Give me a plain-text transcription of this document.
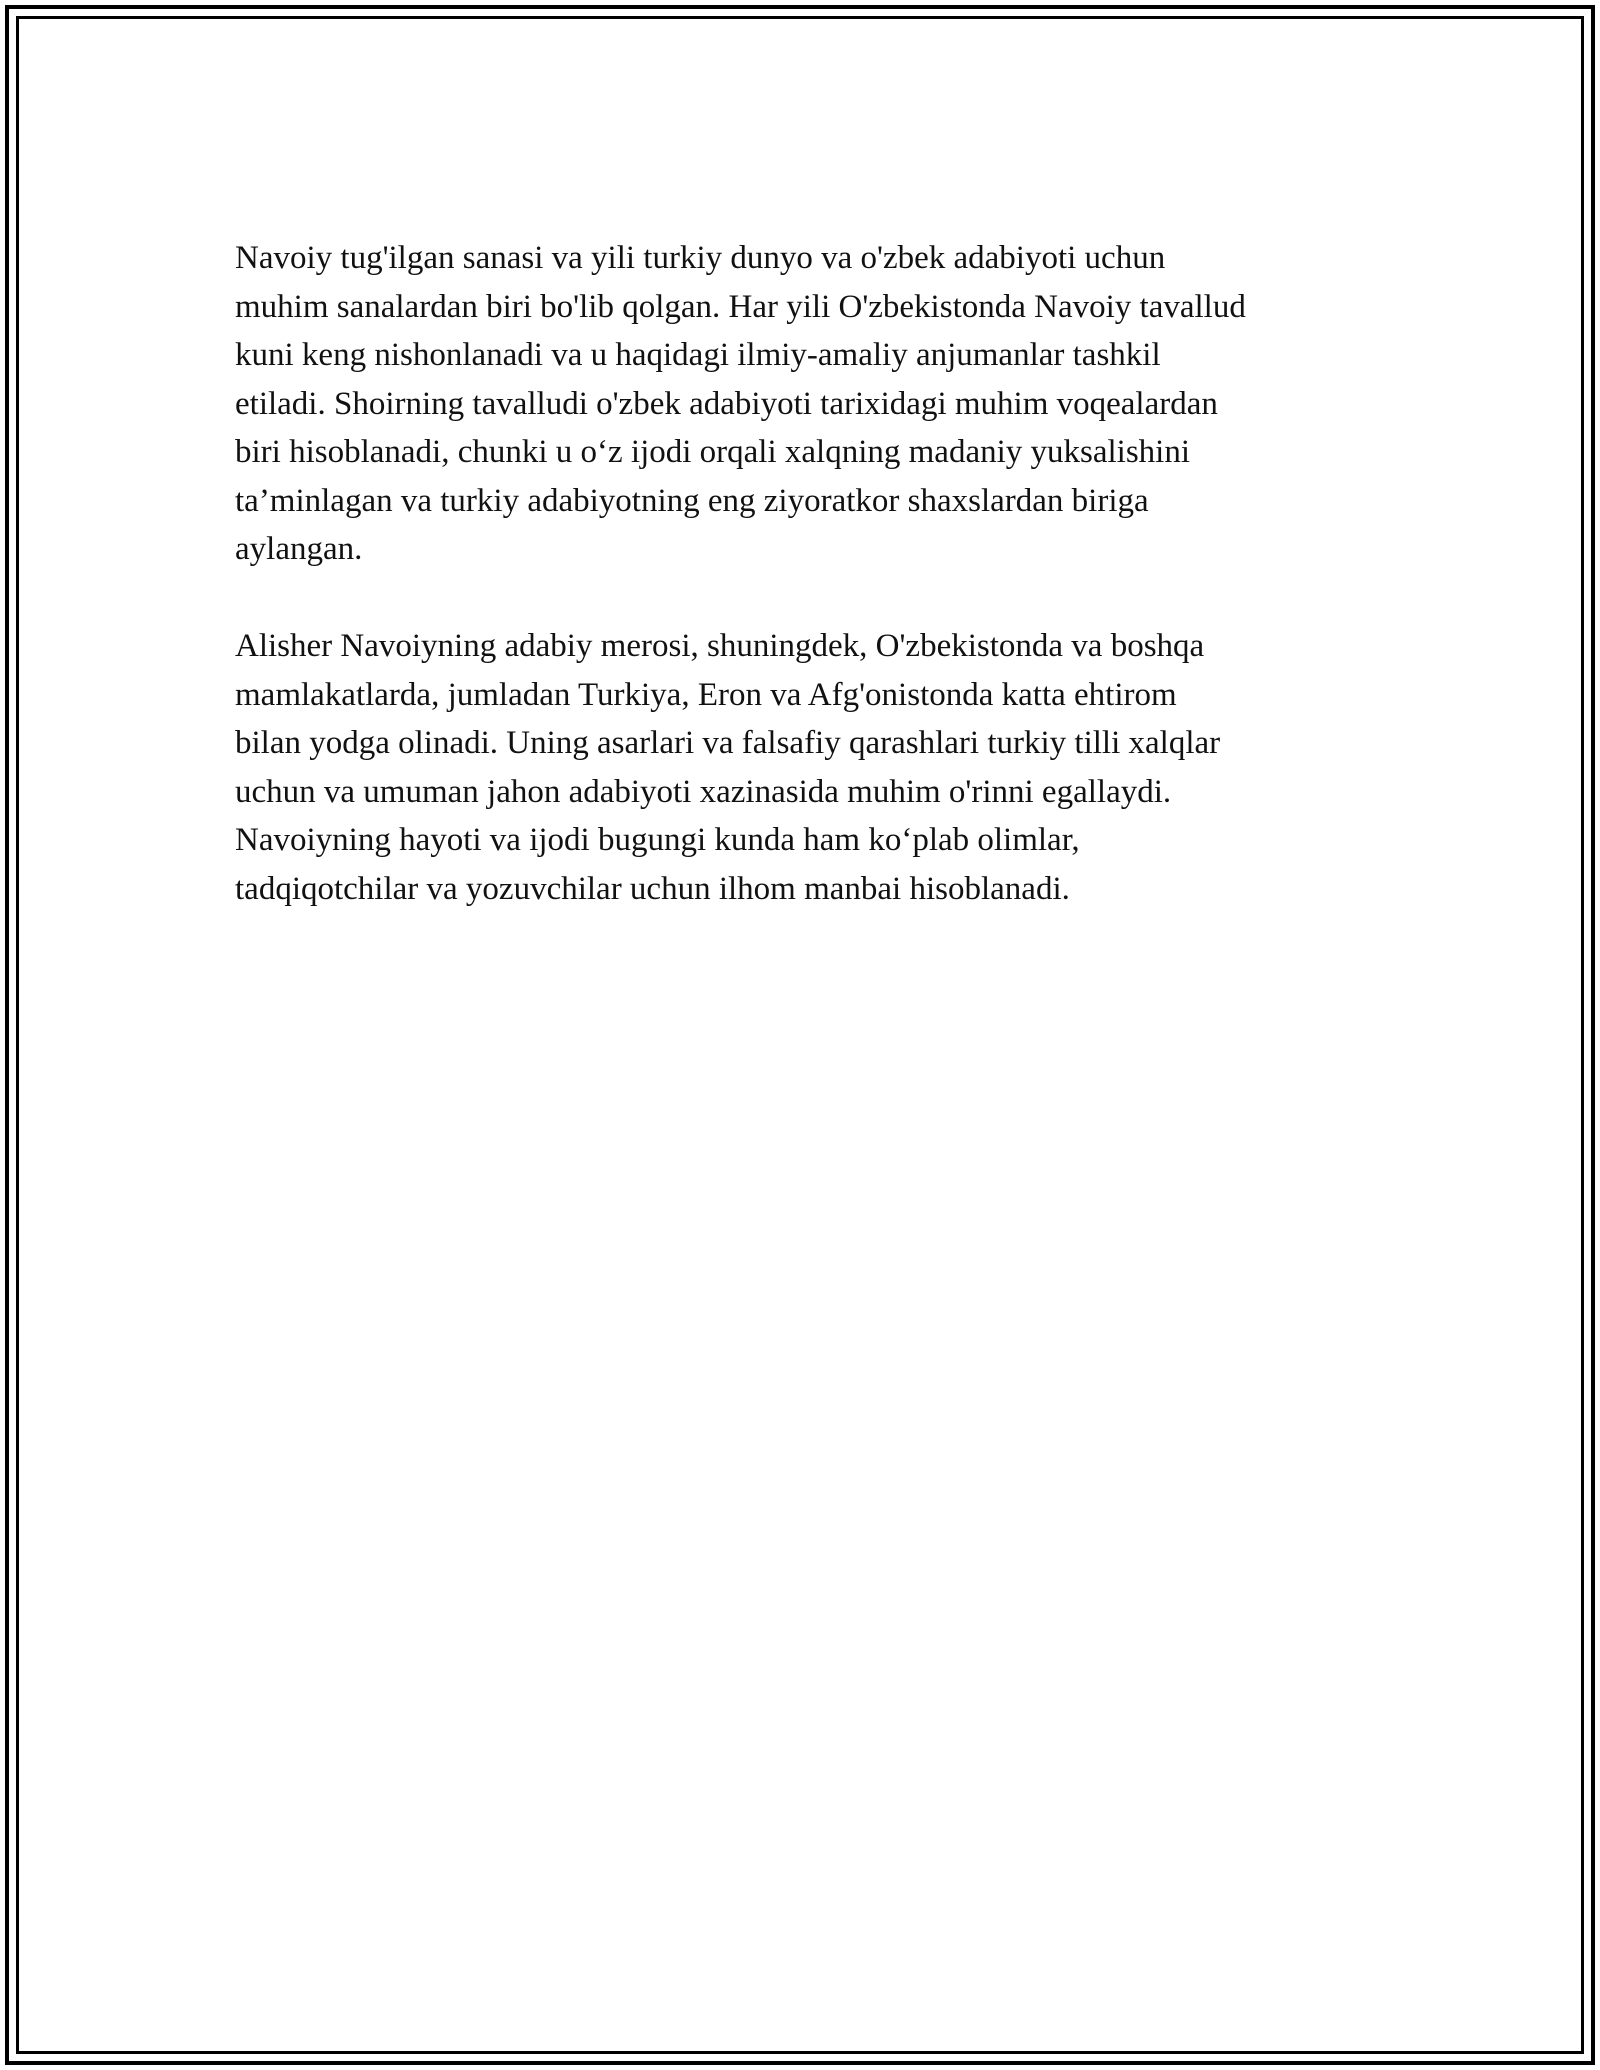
Navoiy tug'ilgan sanasi va yili turkiy dunyo va o'zbek adabiyoti uchun
muhim sanalardan biri bo'lib qolgan. Har yili O'zbekistonda Navoiy tavallud
kuni keng nishonlanadi va u haqidagi ilmiy-amaliy anjumanlar tashkil
etiladi. Shoirning tavalludi o'zbek adabiyoti tarixidagi muhim voqealardan
biri hisoblanadi, chunki u o‘z ijodi orqali xalqning madaniy yuksalishini
ta’minlagan va turkiy adabiyotning eng ziyoratkor shaxslardan biriga
aylangan.
Alisher Navoiyning adabiy merosi, shuningdek, O'zbekistonda va boshqa
mamlakatlarda, jumladan Turkiya, Eron va Afg'onistonda katta ehtirom
bilan yodga olinadi. Uning asarlari va falsafiy qarashlari turkiy tilli xalqlar
uchun va umuman jahon adabiyoti xazinasida muhim o'rinni egallaydi.
Navoiyning hayoti va ijodi bugungi kunda ham ko‘plab olimlar,
tadqiqotchilar va yozuvchilar uchun ilhom manbai hisoblanadi.
